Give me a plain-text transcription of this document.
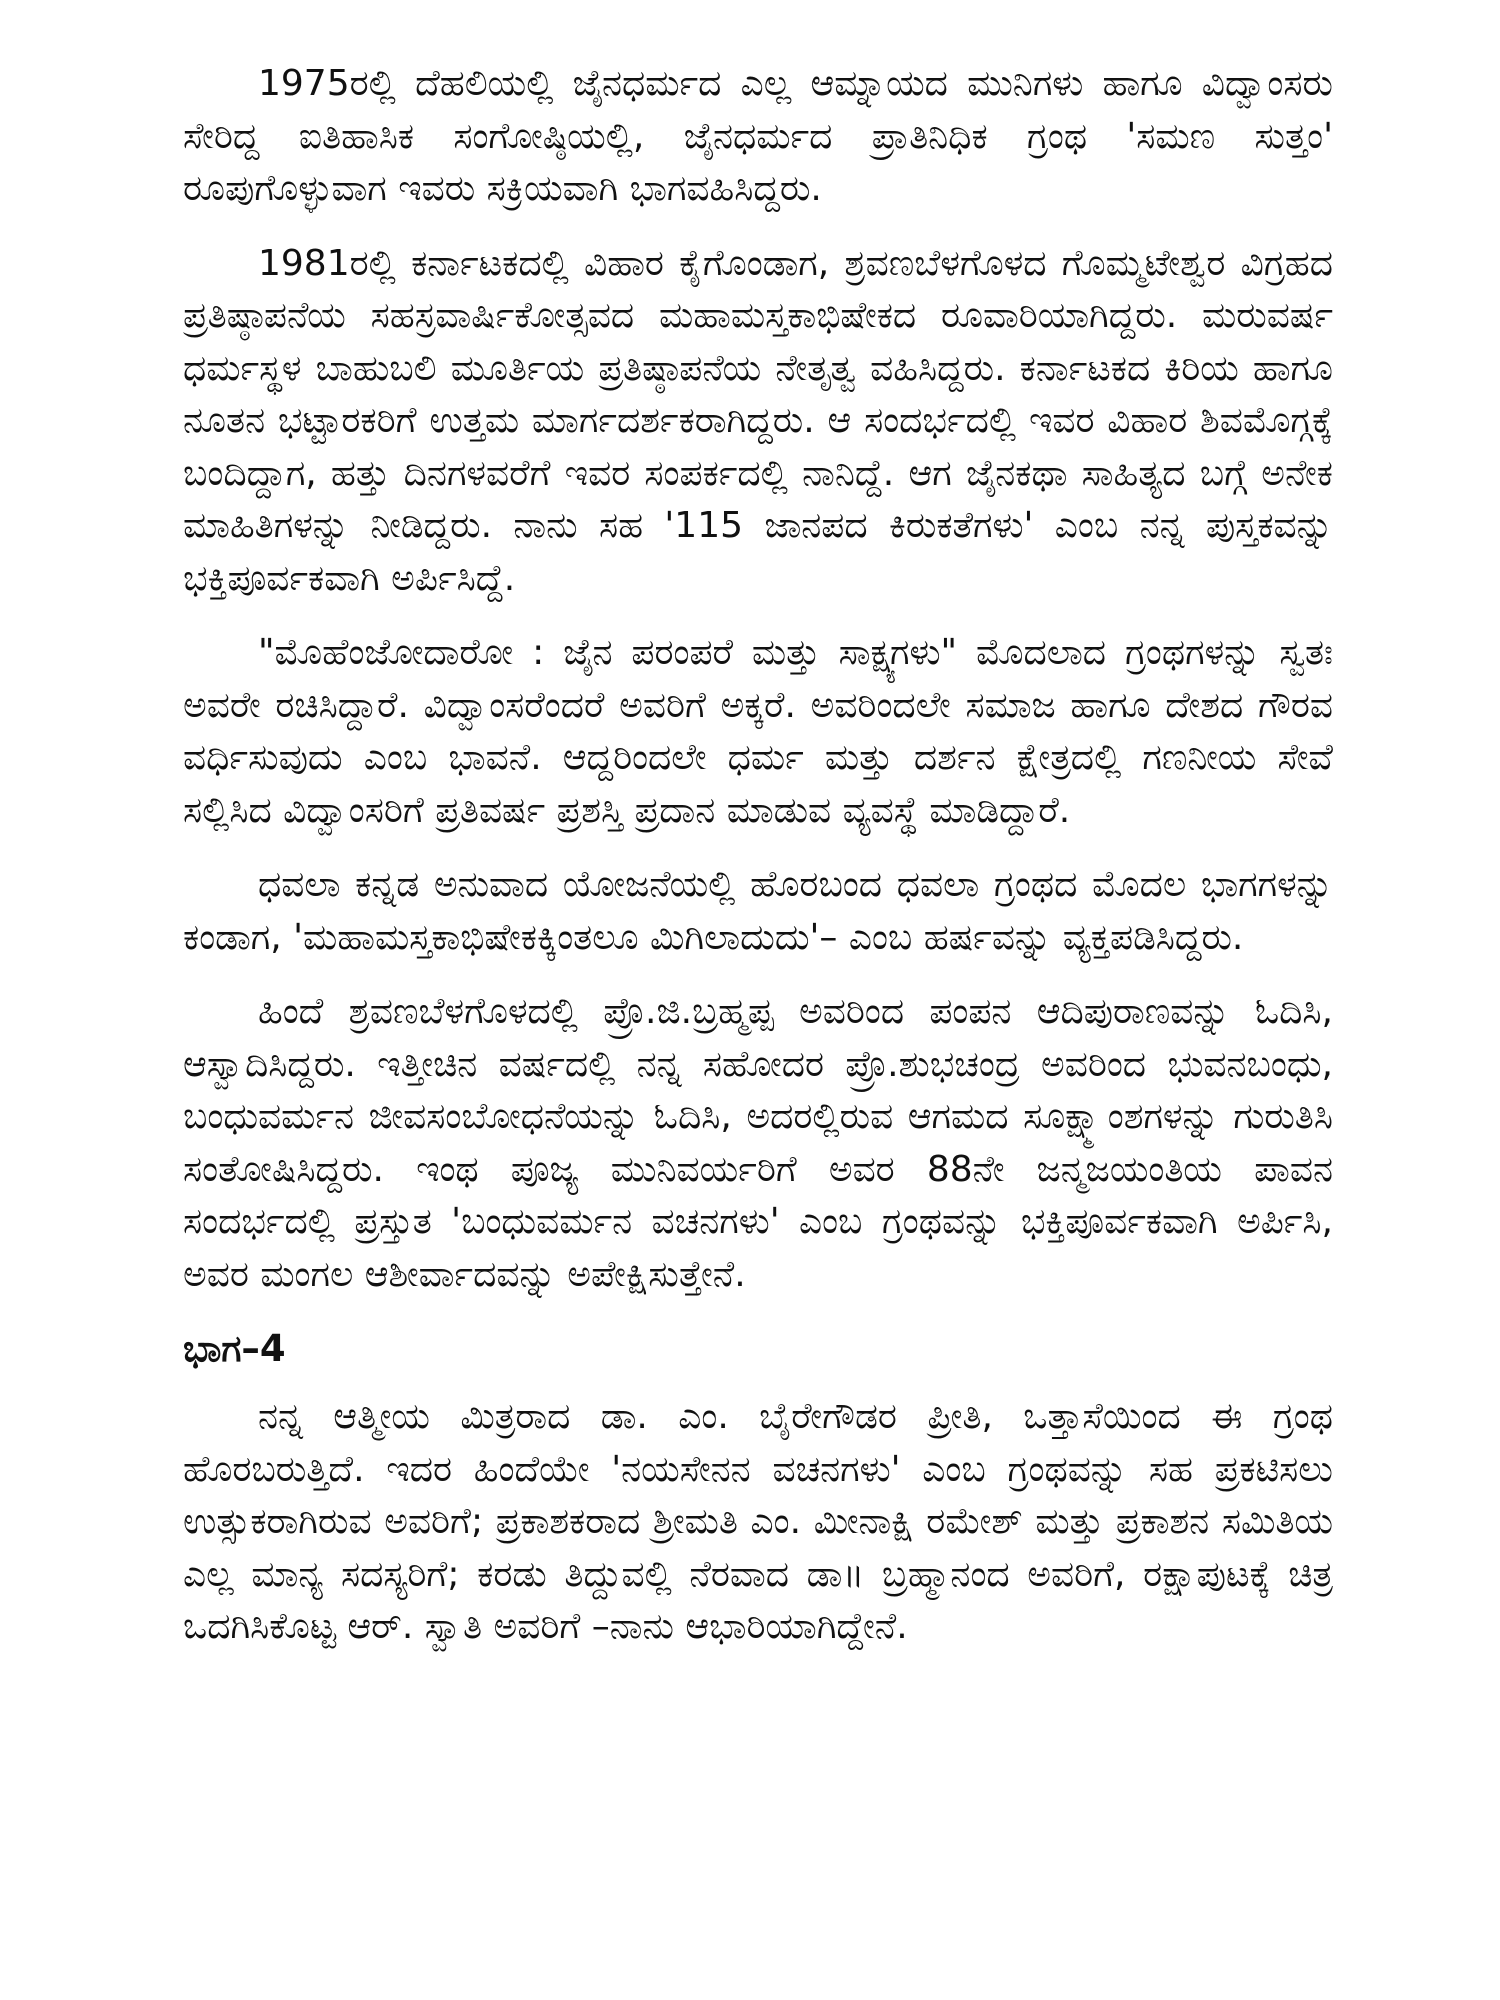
1975ರಲ್ಲಿ ದೆಹಲಿಯಲ್ಲಿ ಜೈನಧರ್ಮದ ಎಲ್ಲ ಆಮ್ನಾಯದ ಮುನಿಗಳು ಹಾಗೂ ವಿದ್ವಾಂಸರು ಸೇರಿದ್ದ ಐತಿಹಾಸಿಕ ಸಂಗೋಷ್ಠಿಯಲ್ಲಿ, ಜೈನಧರ್ಮದ ಪ್ರಾತಿನಿಧಿಕ ಗ್ರಂಥ 'ಸಮಣ ಸುತ್ತಂ' ರೂಪುಗೊಳ್ಳುವಾಗ ಇವರು ಸಕ್ರಿಯವಾಗಿ ಭಾಗವಹಿಸಿದ್ದರು.

1981ರಲ್ಲಿ ಕರ್ನಾಟಕದಲ್ಲಿ ವಿಹಾರ ಕೈಗೊಂಡಾಗ, ಶ್ರವಣಬೆಳಗೊಳದ ಗೊಮ್ಮಟೇಶ್ವರ ವಿಗ್ರಹದ ಪ್ರತಿಷ್ಠಾಪನೆಯ ಸಹಸ್ರವಾರ್ಷಿಕೋತ್ಸವದ ಮಹಾಮಸ್ತಕಾಭಿಷೇಕದ ರೂವಾರಿಯಾಗಿದ್ದರು. ಮರುವರ್ಷ ಧರ್ಮಸ್ಥಳ ಬಾಹುಬಲಿ ಮೂರ್ತಿಯ ಪ್ರತಿಷ್ಠಾಪನೆಯ ನೇತೃತ್ವ ವಹಿಸಿದ್ದರು. ಕರ್ನಾಟಕದ ಕಿರಿಯ ಹಾಗೂ ನೂತನ ಭಟ್ಟಾರಕರಿಗೆ ಉತ್ತಮ ಮಾರ್ಗದರ್ಶಕರಾಗಿದ್ದರು. ಆ ಸಂದರ್ಭದಲ್ಲಿ ಇವರ ವಿಹಾರ ಶಿವಮೊಗ್ಗಕ್ಕೆ ಬಂದಿದ್ದಾಗ, ಹತ್ತು ದಿನಗಳವರೆಗೆ ಇವರ ಸಂಪರ್ಕದಲ್ಲಿ ನಾನಿದ್ದೆ. ಆಗ ಜೈನಕಥಾ ಸಾಹಿತ್ಯದ ಬಗ್ಗೆ ಅನೇಕ ಮಾಹಿತಿಗಳನ್ನು ನೀಡಿದ್ದರು. ನಾನು ಸಹ '115 ಜಾನಪದ ಕಿರುಕತೆಗಳು' ಎಂಬ ನನ್ನ ಪುಸ್ತಕವನ್ನು ಭಕ್ತಿಪೂರ್ವಕವಾಗಿ ಅರ್ಪಿಸಿದ್ದೆ.

"ಮೊಹೆಂಜೋದಾರೋ : ಜೈನ ಪರಂಪರೆ ಮತ್ತು ಸಾಕ್ಷ್ಯಗಳು" ಮೊದಲಾದ ಗ್ರಂಥಗಳನ್ನು ಸ್ವತಃ ಅವರೇ ರಚಿಸಿದ್ದಾರೆ. ವಿದ್ವಾಂಸರೆಂದರೆ ಅವರಿಗೆ ಅಕ್ಕರೆ. ಅವರಿಂದಲೇ ಸಮಾಜ ಹಾಗೂ ದೇಶದ ಗೌರವ ವರ್ಧಿಸುವುದು ಎಂಬ ಭಾವನೆ. ಆದ್ದರಿಂದಲೇ ಧರ್ಮ ಮತ್ತು ದರ್ಶನ ಕ್ಷೇತ್ರದಲ್ಲಿ ಗಣನೀಯ ಸೇವೆ ಸಲ್ಲಿಸಿದ ವಿದ್ವಾಂಸರಿಗೆ ಪ್ರತಿವರ್ಷ ಪ್ರಶಸ್ತಿ ಪ್ರದಾನ ಮಾಡುವ ವ್ಯವಸ್ಥೆ ಮಾಡಿದ್ದಾರೆ.

ಧವಲಾ ಕನ್ನಡ ಅನುವಾದ ಯೋಜನೆಯಲ್ಲಿ ಹೊರಬಂದ ಧವಲಾ ಗ್ರಂಥದ ಮೊದಲ ಭಾಗಗಳನ್ನು ಕಂಡಾಗ, 'ಮಹಾಮಸ್ತಕಾಭಿಷೇಕಕ್ಕಿಂತಲೂ ಮಿಗಿಲಾದುದು'– ಎಂಬ ಹರ್ಷವನ್ನು ವ್ಯಕ್ತಪಡಿಸಿದ್ದರು.

ಹಿಂದೆ ಶ್ರವಣಬೆಳಗೊಳದಲ್ಲಿ ಪ್ರೊ.ಜಿ.ಬ್ರಹ್ಮಪ್ಪ ಅವರಿಂದ ಪಂಪನ ಆದಿಪುರಾಣವನ್ನು ಓದಿಸಿ, ಆಸ್ವಾದಿಸಿದ್ದರು. ಇತ್ತೀಚಿನ ವರ್ಷದಲ್ಲಿ ನನ್ನ ಸಹೋದರ ಪ್ರೊ.ಶುಭಚಂದ್ರ ಅವರಿಂದ ಭುವನಬಂಧು, ಬಂಧುವರ್ಮನ ಜೀವಸಂಬೋಧನೆಯನ್ನು ಓದಿಸಿ, ಅದರಲ್ಲಿರುವ ಆಗಮದ ಸೂಕ್ಷ್ಮಾಂಶಗಳನ್ನು ಗುರುತಿಸಿ ಸಂತೋಷಿಸಿದ್ದರು. ಇಂಥ ಪೂಜ್ಯ ಮುನಿವರ್ಯರಿಗೆ ಅವರ 88ನೇ ಜನ್ಮಜಯಂತಿಯ ಪಾವನ ಸಂದರ್ಭದಲ್ಲಿ ಪ್ರಸ್ತುತ 'ಬಂಧುವರ್ಮನ ವಚನಗಳು' ಎಂಬ ಗ್ರಂಥವನ್ನು ಭಕ್ತಿಪೂರ್ವಕವಾಗಿ ಅರ್ಪಿಸಿ, ಅವರ ಮಂಗಲ ಆಶೀರ್ವಾದವನ್ನು ಅಪೇಕ್ಷಿಸುತ್ತೇನೆ.

ಭಾಗ–4

ನನ್ನ ಆತ್ಮೀಯ ಮಿತ್ರರಾದ ಡಾ. ಎಂ. ಬೈರೇಗೌಡರ ಪ್ರೀತಿ, ಒತ್ತಾಸೆಯಿಂದ ಈ ಗ್ರಂಥ ಹೊರಬರುತ್ತಿದೆ. ಇದರ ಹಿಂದೆಯೇ 'ನಯಸೇನನ ವಚನಗಳು' ಎಂಬ ಗ್ರಂಥವನ್ನು ಸಹ ಪ್ರಕಟಿಸಲು ಉತ್ಸುಕರಾಗಿರುವ ಅವರಿಗೆ; ಪ್ರಕಾಶಕರಾದ ಶ್ರೀಮತಿ ಎಂ. ಮೀನಾಕ್ಷಿ ರಮೇಶ್ ಮತ್ತು ಪ್ರಕಾಶನ ಸಮಿತಿಯ ಎಲ್ಲ ಮಾನ್ಯ ಸದಸ್ಯರಿಗೆ; ಕರಡು ತಿದ್ದುವಲ್ಲಿ ನೆರವಾದ ಡಾ॥ ಬ್ರಹ್ಮಾನಂದ ಅವರಿಗೆ, ರಕ್ಷಾಪುಟಕ್ಕೆ ಚಿತ್ರ ಒದಗಿಸಿಕೊಟ್ಟ ಆರ್. ಸ್ವಾತಿ ಅವರಿಗೆ –ನಾನು ಆಭಾರಿಯಾಗಿದ್ದೇನೆ.
